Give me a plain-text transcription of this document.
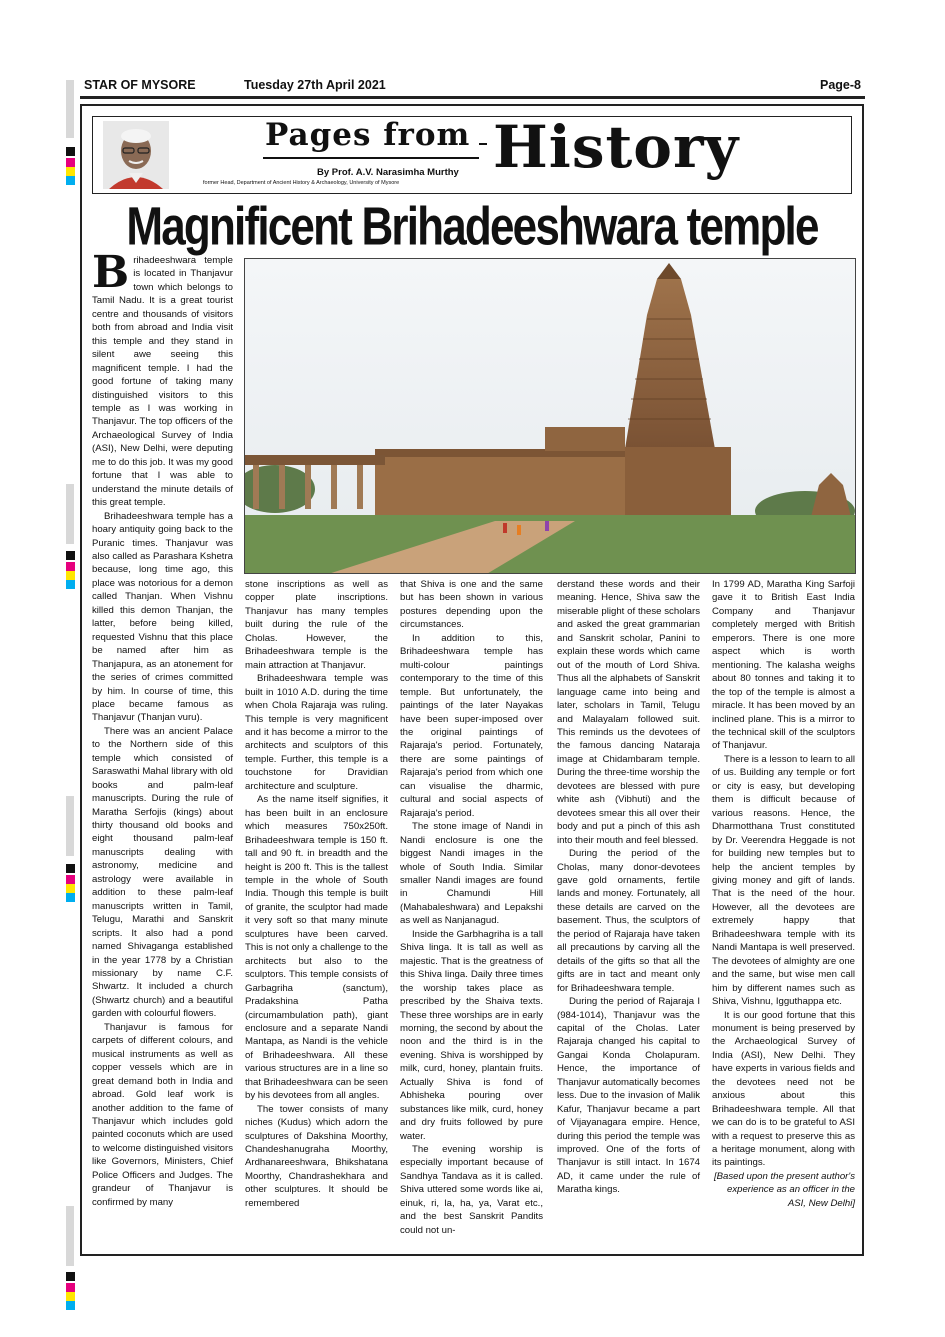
STAR OF MYSORE	Tuesday 27th April 2021	Page-8
Pages from History
By Prof. A.V. Narasimha Murthy
former Head, Department of Ancient History & Archaeology, University of Mysore
Magnificent Brihadeeshwara temple

Brihadeeshwara temple is located in Thanjavur town which belongs to Tamil Nadu. It is a great tourist centre and thousands of visitors both from abroad and India visit this temple and they stand in silent awe seeing this magnificent temple. I had the good fortune of taking many distinguished visitors to this temple as I was working in Thanjavur. The top officers of the Archaeological Survey of India (ASI), New Delhi, were deputing me to do this job. It was my good fortune that I was able to understand the minute details of this great temple.

Brihadeeshwara temple has a hoary antiquity going back to the Puranic times. Thanjavur was also called as Parashara Kshetra because, long time ago, this place was notorious for a demon called Thanjan. When Vishnu killed this demon Thanjan, the latter, before being killed, requested Vishnu that this place be named after him as Thanjapura, as an atonement for the series of crimes committed by him. In course of time, this place became famous as Thanjavur (Thanjan vuru).

There was an ancient Palace to the Northern side of this temple which consisted of Saraswathi Mahal library with old books and palm-leaf manuscripts. During the rule of Maratha Serfojis (kings) about thirty thousand old books and eight thousand palm-leaf manuscripts dealing with astronomy, medicine and astrology were available in addition to these palm-leaf manuscripts written in Tamil, Telugu, Marathi and Sanskrit scripts. It also had a pond named Shivaganga established in the year 1778 by a Christian missionary by name C.F. Shwartz. It included a church (Shwartz church) and a beautiful garden with colourful flowers.

Thanjavur is famous for carpets of different colours, and musical instruments as well as copper vessels which are in great demand both in India and abroad. Gold leaf work is another addition to the fame of Thanjavur which includes gold painted coconuts which are used to welcome distinguished visitors like Governors, Ministers, Chief Police Officers and Judges. The grandeur of Thanjavur is confirmed by many

stone inscriptions as well as copper plate inscriptions. Thanjavur has many temples built during the rule of the Cholas. However, the Brihadeeshwara temple is the main attraction at Thanjavur.

Brihadeeshwara temple was built in 1010 A.D. during the time when Chola Rajaraja was ruling. This temple is very magnificent and it has become a mirror to the architects and sculptors of this temple. Further, this temple is a touchstone for Dravidian architecture and sculpture.

As the name itself signifies, it has been built in an enclosure which measures 750x250ft. Brihadeeshwara temple is 150 ft. tall and 90 ft. in breadth and the height is 200 ft. This is the tallest temple in the whole of South India. Though this temple is built of granite, the sculptor had made it very soft so that many minute sculptures have been carved. This is not only a challenge to the architects but also to the sculptors. This temple consists of Garbagriha (sanctum), Pradakshina Patha (circumambulation path), giant enclosure and a separate Nandi Mantapa, as Nandi is the vehicle of Brihadeeshwara. All these various structures are in a line so that Brihadeeshwara can be seen by his devotees from all angles.

The tower consists of many niches (Kudus) which adorn the sculptures of Dakshina Moorthy, Chandeshanugraha Moorthy, Ardhanareeshwara, Bhikshatana Moorthy, Chandrashekhara and other sculptures. It should be remembered

that Shiva is one and the same but has been shown in various postures depending upon the circumstances.

In addition to this, Brihadeeshwara temple has multi-colour paintings contemporary to the time of this temple. But unfortunately, the paintings of the later Nayakas have been super-imposed over the original paintings of Rajaraja's period. Fortunately, there are some paintings of Rajaraja's period from which one can visualise the dharmic, cultural and social aspects of Rajaraja's period.

The stone image of Nandi in Nandi enclosure is one the biggest Nandi images in the whole of South India. Similar smaller Nandi images are found in Chamundi Hill (Mahabaleshwara) and Lepakshi as well as Nanjanagud.

Inside the Garbhagriha is a tall Shiva linga. It is tall as well as majestic. That is the greatness of this Shiva linga. Daily three times the worship takes place as prescribed by the Shaiva texts. These three worships are in early morning, the second by about the noon and the third is in the evening. Shiva is worshipped by milk, curd, honey, plantain fruits. Actually Shiva is fond of Abhisheka pouring over substances like milk, curd, honey and dry fruits followed by pure water.

The evening worship is especially important because of Sandhya Tandava as it is called. Shiva uttered some words like ai, einuk, ri, la, ha, ya, Varat etc., and the best Sanskrit Pandits could not un-

derstand these words and their meaning. Hence, Shiva saw the miserable plight of these scholars and asked the great grammarian and Sanskrit scholar, Panini to explain these words which came out of the mouth of Lord Shiva. Thus all the alphabets of Sanskrit language came into being and later, scholars in Tamil, Telugu and Malayalam followed suit. This reminds us the devotees of the famous dancing Nataraja image at Chidambaram temple. During the three-time worship the devotees are blessed with pure white ash (Vibhuti) and the devotees smear this all over their body and put a pinch of this ash into their mouth and feel blessed.

During the period of the Cholas, many donor-devotees gave gold ornaments, fertile lands and money. Fortunately, all these details are carved on the basement. Thus, the sculptors of the period of Rajaraja have taken all precautions by carving all the details of the gifts so that all the gifts are in tact and meant only for Brihadeeshwara temple.

During the period of Rajaraja I (984-1014), Thanjavur was the capital of the Cholas. Later Rajaraja changed his capital to Gangai Konda Cholapuram. Hence, the importance of Thanjavur automatically becomes less. Due to the invasion of Malik Kafur, Thanjavur became a part of Vijayanagara empire. Hence, during this period the temple was improved. One of the forts of Thanjavur is still intact. In 1674 AD, it came under the rule of Maratha kings.

In 1799 AD, Maratha King Sarfoji gave it to British East India Company and Thanjavur completely merged with British emperors. There is one more aspect which is worth mentioning. The kalasha weighs about 80 tonnes and taking it to the top of the temple is almost a miracle. It has been moved by an inclined plane. This is a mirror to the technical skill of the sculptors of Thanjavur.

There is a lesson to learn to all of us. Building any temple or fort or city is easy, but developing them is difficult because of various reasons. Hence, the Dharmotthana Trust constituted by Dr. Veerendra Heggade is not for building new temples but to help the ancient temples by giving money and gift of lands. That is the need of the hour. However, all the devotees are extremely happy that Brihadeeshwara temple with its Nandi Mantapa is well preserved. The devotees of almighty are one and the same, but wise men call him by different names such as Shiva, Vishnu, Igguthappa etc.

It is our good fortune that this monument is being preserved by the Archaeological Survey of India (ASI), New Delhi. They have experts in various fields and the devotees need not be anxious about this Brihadeeshwara temple. All that we can do is to be grateful to ASI with a request to preserve this as a heritage monument, along with its paintings.

[Based upon the present author's experience as an officer in the ASI, New Delhi]
